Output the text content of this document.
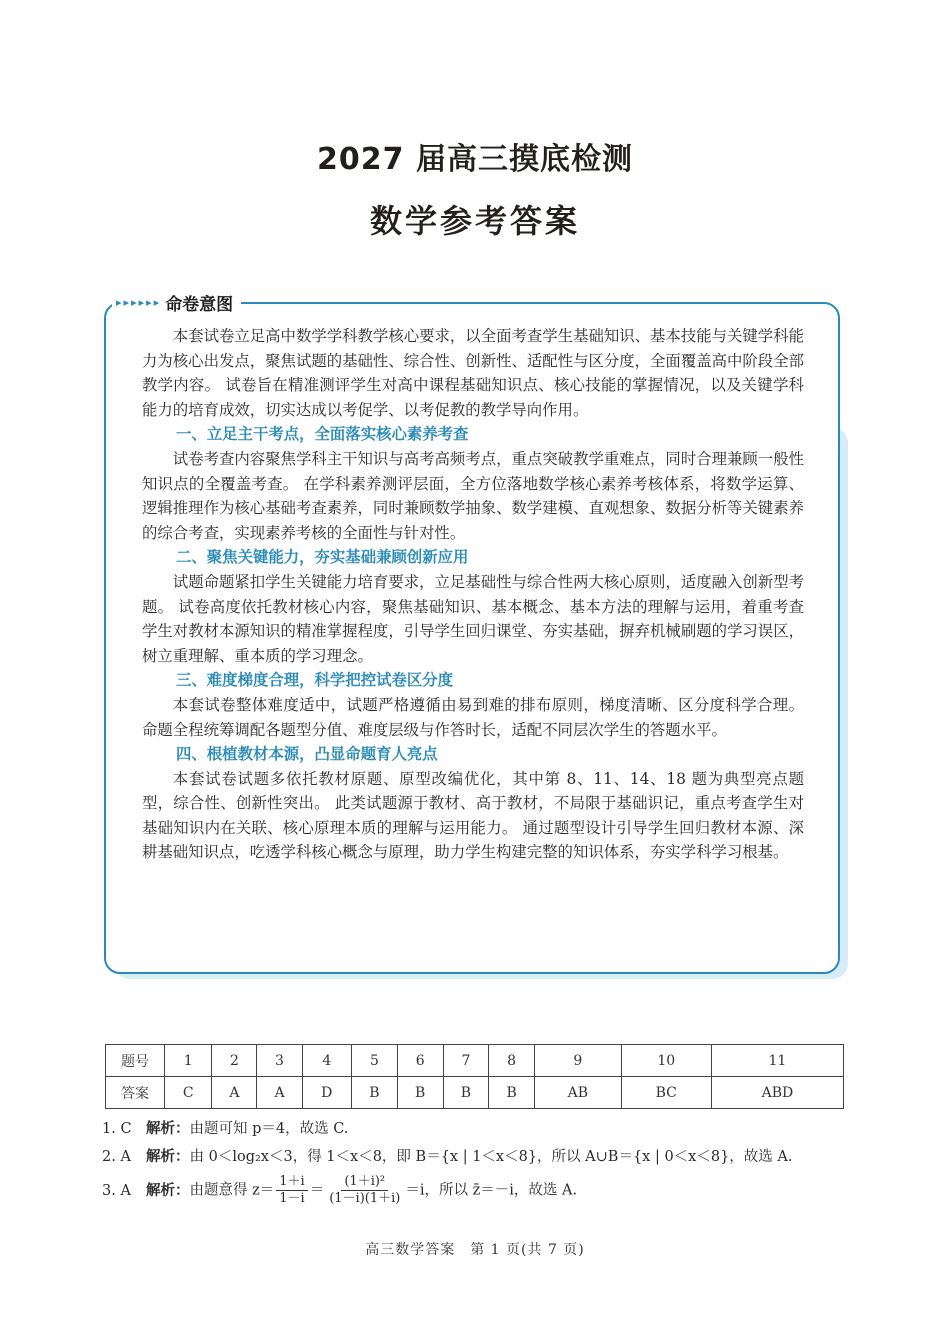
2027 届高三摸底检测
数学参考答案
▸ ▸ ▸ ▸ ▸ ▸ 命卷意图

本套试卷立足高中数学学科教学核心要求，以全面考查学生基础知识、基本技能与关键学科能力为核心出发点，聚焦试题的基础性、综合性、创新性、适配性与区分度，全面覆盖高中阶段全部教学内容。 试卷旨在精准测评学生对高中课程基础知识点、核心技能的掌握情况，以及关键学科能力的培育成效，切实达成以考促学、以考促教的教学导向作用。

一、立足主干考点，全面落实核心素养考查

试卷考查内容聚焦学科主干知识与高考高频考点，重点突破教学重难点，同时合理兼顾一般性知识点的全覆盖考查。 在学科素养测评层面，全方位落地数学核心素养考核体系，将数学运算、逻辑推理作为核心基础考查素养，同时兼顾数学抽象、数学建模、直观想象、数据分析等关键素养的综合考查，实现素养考核的全面性与针对性。

二、聚焦关键能力，夯实基础兼顾创新应用

试题命题紧扣学生关键能力培育要求，立足基础性与综合性两大核心原则，适度融入创新型考题。 试卷高度依托教材核心内容，聚焦基础知识、基本概念、基本方法的理解与运用，着重考查学生对教材本源知识的精准掌握程度，引导学生回归课堂、夯实基础，摒弃机械刷题的学习误区，树立重理解、重本质的学习理念。

三、难度梯度合理，科学把控试卷区分度

本套试卷整体难度适中，试题严格遵循由易到难的排布原则，梯度清晰、区分度科学合理。 命题全程统筹调配各题型分值、难度层级与作答时长，适配不同层次学生的答题水平。

四、根植教材本源，凸显命题育人亮点

本套试卷试题多依托教材原题、原型改编优化，其中第 8、11、14、18 题为典型亮点题型，综合性、创新性突出。 此类试题源于教材、高于教材，不局限于基础识记，重点考查学生对基础知识内在关联、核心原理本质的理解与运用能力。 通过题型设计引导学生回归教材本源、深耕基础知识点，吃透学科核心概念与原理，助力学生构建完整的知识体系，夯实学科学习根基。

题号	1	2	3	4	5	6	7	8	9	10	11
答案	C	A	A	D	B	B	B	B	AB	BC	ABD
1. C 解析：由题可知 p＝4，故选 C.
2. A 解析：由 0＜log₂x＜3，得 1＜x＜8，即 B＝{x | 1＜x＜8}，所以 A∪B＝{x | 0＜x＜8}，故选 A.
3. A 解析：由题意得 $z= \frac{1+i}{1-i} = \frac{\text{(1＋i)²}}{(1-i)(1+i)} =i$，所以 z̄＝－i，故选 A.
高三数学答案　第 1 页(共 7 页)
